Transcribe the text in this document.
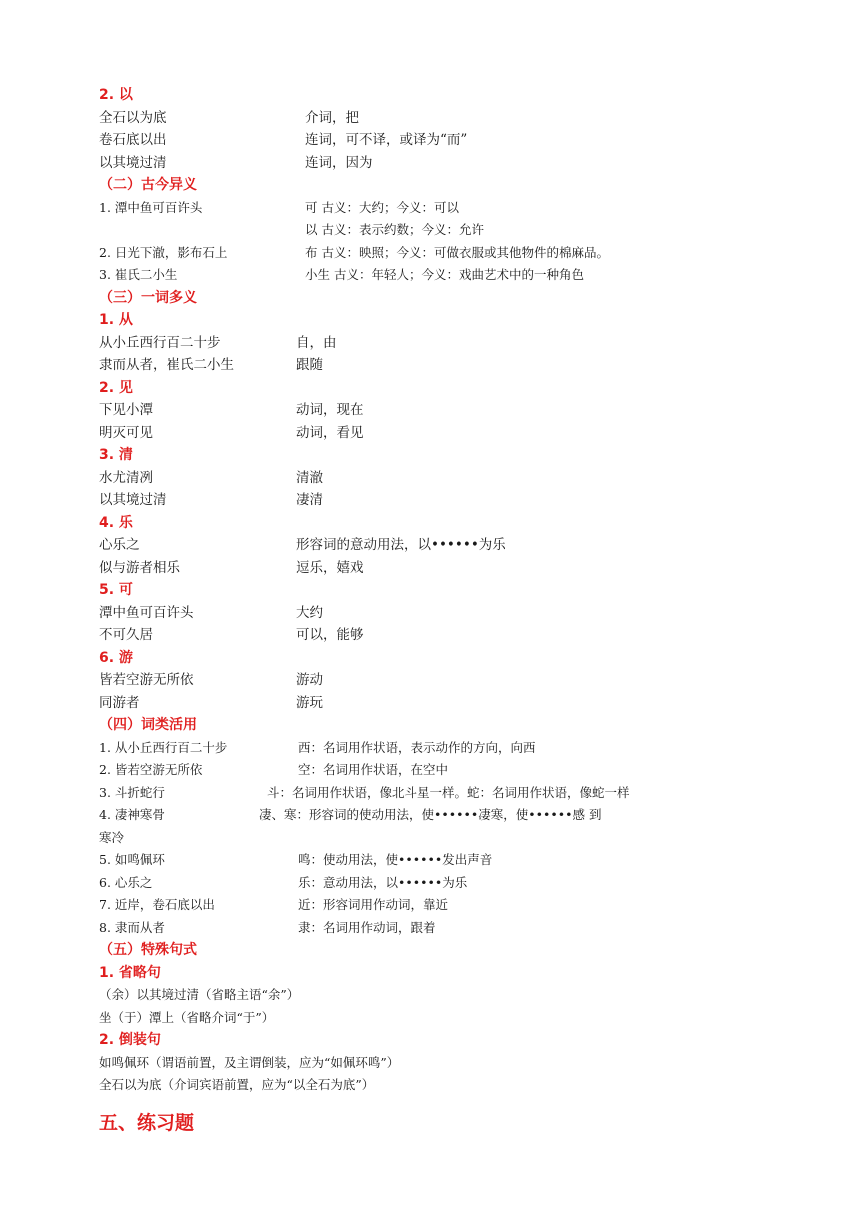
2. 以
全石以为底	介词，把
卷石底以出	连词，可不译，或译为“而”
以其境过清	连词，因为
（二）古今异义
1. 潭中鱼可百许头	可 古义：大约；今义：可以
以 古义：表示约数；今义：允许
2. 日光下澈，影布石上	布 古义：映照；今义：可做衣服或其他物件的棉麻品。
3. 崔氏二小生	小生 古义：年轻人；今义：戏曲艺术中的一种角色
（三）一词多义
1. 从
从小丘西行百二十步	自，由
隶而从者，崔氏二小生	跟随
2. 见
下见小潭	动词，现在
明灭可见	动词，看见
3. 清
水尤清冽	清澈
以其境过清	凄清
4. 乐
心乐之	形容词的意动用法，以••••••为乐
似与游者相乐	逗乐，嬉戏
5. 可
潭中鱼可百许头	大约
不可久居	可以，能够
6. 游
皆若空游无所依	游动
同游者	游玩
（四）词类活用
1. 从小丘西行百二十步	西：名词用作状语，表示动作的方向，向西
2. 皆若空游无所依	空：名词用作状语，在空中
3. 斗折蛇行	斗：名词用作状语，像北斗星一样。蛇：名词用作状语，像蛇一样
4. 凄神寒骨	凄、寒：形容词的使动用法，使••••••凄寒，使••••••感 到
寒冷
5. 如鸣佩环	鸣：使动用法，使••••••发出声音
6. 心乐之	乐：意动用法，以••••••为乐
7. 近岸，卷石底以出	近：形容词用作动词，靠近
8. 隶而从者	隶：名词用作动词，跟着
（五）特殊句式
1. 省略句
（余）以其境过清（省略主语“余”）
坐（于）潭上（省略介词“于”）
2. 倒装句
如鸣佩环（谓语前置，及主谓倒装，应为“如佩环鸣”）
全石以为底（介词宾语前置，应为“以全石为底”）
五、练习题
